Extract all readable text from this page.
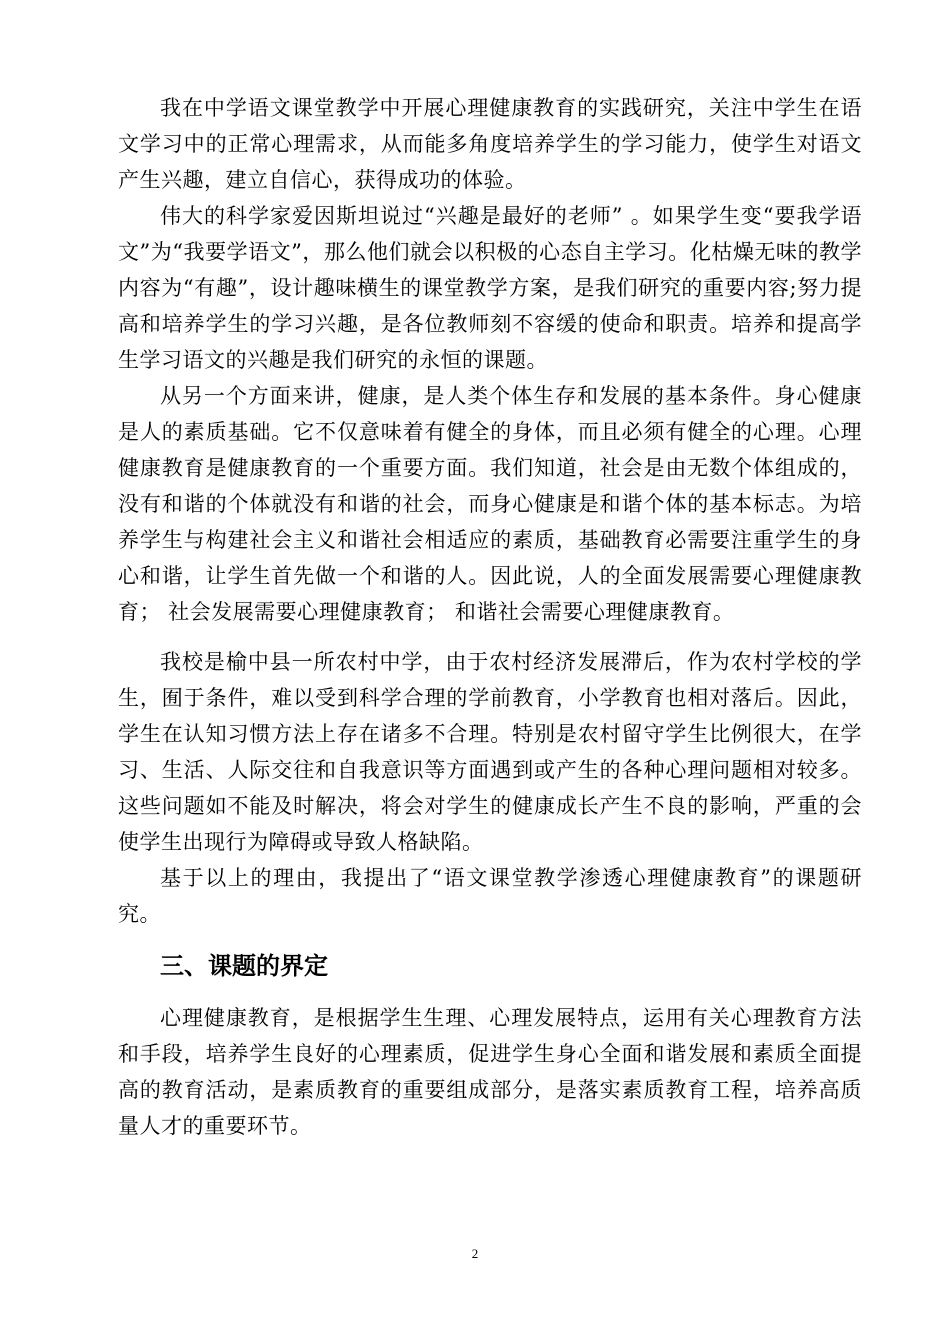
我在中学语文课堂教学中开展心理健康教育的实践研究，关注中学生在语文学习中的正常心理需求，从而能多角度培养学生的学习能力，使学生对语文产生兴趣，建立自信心，获得成功的体验。

伟大的科学家爱因斯坦说过“兴趣是最好的老师” 。如果学生变“要我学语文”为“我要学语文”，那么他们就会以积极的心态自主学习。化枯燥无味的教学内容为“有趣”，设计趣味横生的课堂教学方案，是我们研究的重要内容;努力提高和培养学生的学习兴趣，是各位教师刻不容缓的使命和职责。培养和提高学生学习语文的兴趣是我们研究的永恒的课题。

从另一个方面来讲，健康，是人类个体生存和发展的基本条件。身心健康是人的素质基础。它不仅意味着有健全的身体，而且必须有健全的心理。心理健康教育是健康教育的一个重要方面。我们知道，社会是由无数个体组成的，没有和谐的个体就没有和谐的社会，而身心健康是和谐个体的基本标志。为培养学生与构建社会主义和谐社会相适应的素质，基础教育必需要注重学生的身心和谐，让学生首先做一个和谐的人。因此说，人的全面发展需要心理健康教育； 社会发展需要心理健康教育； 和谐社会需要心理健康教育。

我校是榆中县一所农村中学，由于农村经济发展滞后，作为农村学校的学生，囿于条件，难以受到科学合理的学前教育，小学教育也相对落后。因此，学生在认知习惯方法上存在诸多不合理。特别是农村留守学生比例很大，在学习、生活、人际交往和自我意识等方面遇到或产生的各种心理问题相对较多。这些问题如不能及时解决，将会对学生的健康成长产生不良的影响，严重的会使学生出现行为障碍或导致人格缺陷。

基于以上的理由，我提出了“语文课堂教学渗透心理健康教育”的课题研究。

三、课题的界定

心理健康教育，是根据学生生理、心理发展特点，运用有关心理教育方法和手段，培养学生良好的心理素质，促进学生身心全面和谐发展和素质全面提高的教育活动，是素质教育的重要组成部分，是落实素质教育工程，培养高质量人才的重要环节。

2
